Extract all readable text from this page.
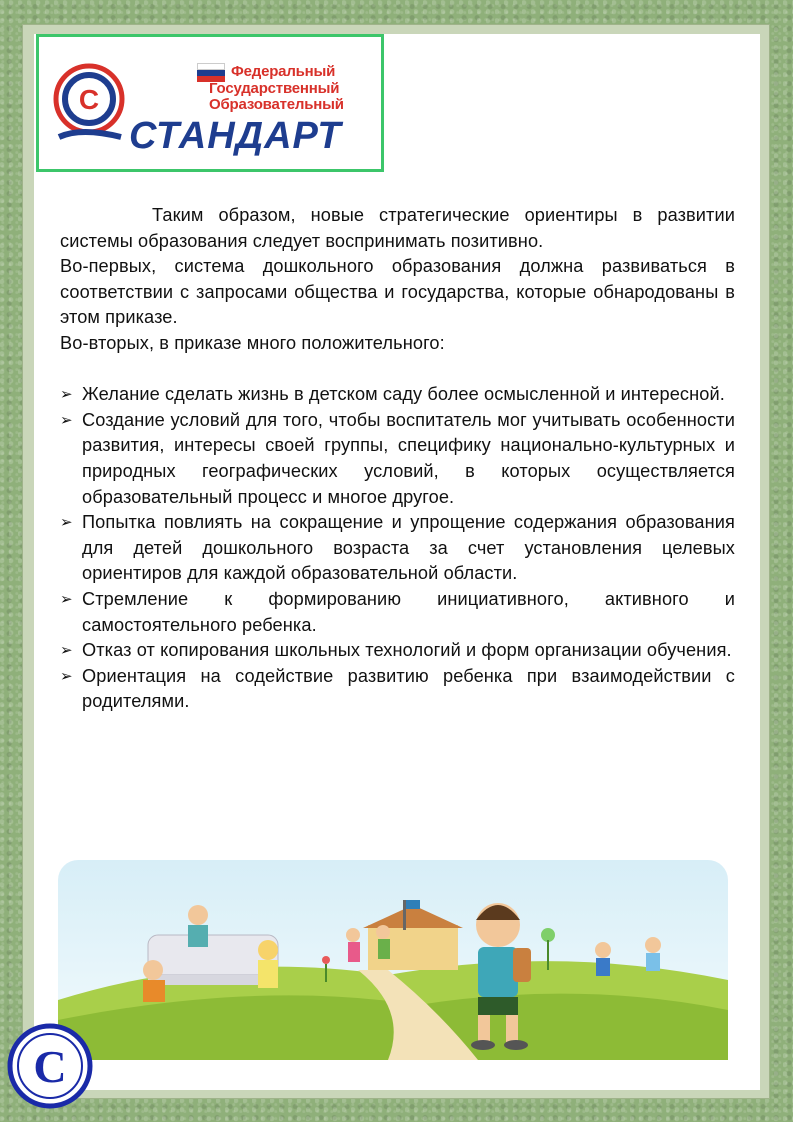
С
Федеральный
Государственный
Образовательный
СТАНДАРТ

Таким образом, новые стратегические ориентиры в развитии системы образования следует воспринимать позитивно.

Во-первых, система дошкольного образования должна развиваться в соответствии с запросами общества и государства, которые обнародованы в этом приказе.

Во-вторых, в приказе много положительного:

➢ Желание сделать жизнь в детском саду более осмысленной и интересной.
➢ Создание условий для того, чтобы воспитатель мог учитывать особенности развития, интересы своей группы, специфику национально-культурных и природных географических условий, в которых осуществляется образовательный процесс и многое другое.
➢ Попытка повлиять на сокращение и упрощение содержания образования для детей дошкольного возраста за счет установления целевых ориентиров для каждой образовательной области.
➢ Стремление к формированию инициативного, активного и самостоятельного ребенка.
➢ Отказ от копирования школьных технологий и форм организации обучения.
➢ Ориентация на содействие развитию ребенка при взаимодействии с родителями.
С
